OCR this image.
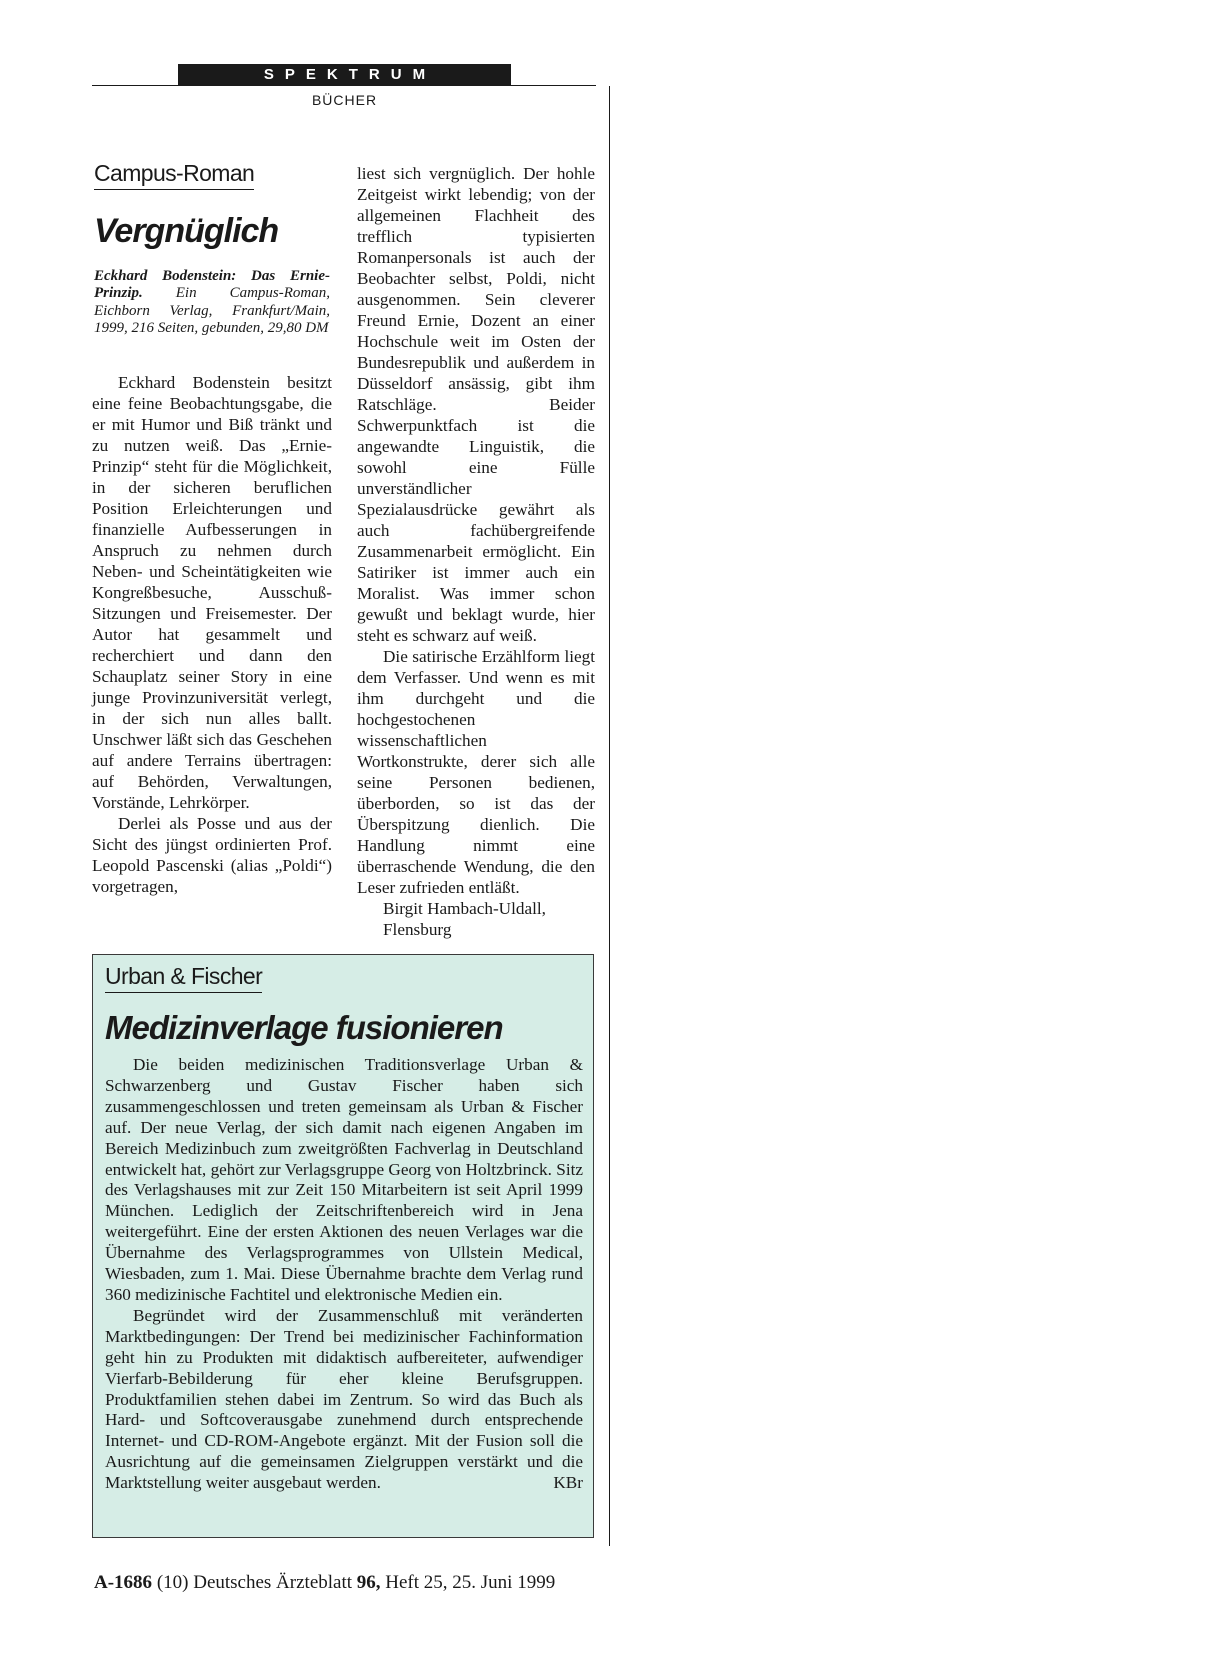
SPEKTRUM
BÜCHER
Campus-Roman
Vergnüglich
Eckhard Bodenstein: Das Ernie-Prinzip. Ein Campus-Roman, Eichborn Verlag, Frankfurt/Main, 1999, 216 Seiten, gebunden, 29,80 DM

Eckhard Bodenstein besitzt eine feine Beobachtungsgabe, die er mit Humor und Biß tränkt und zu nutzen weiß. Das „Ernie-Prinzip“ steht für die Möglichkeit, in der sicheren beruflichen Position Erleichterungen und finanzielle Aufbesserungen in Anspruch zu nehmen durch Neben- und Scheintätigkeiten wie Kongreßbesuche, Ausschuß-Sitzungen und Freisemester. Der Autor hat gesammelt und recherchiert und dann den Schauplatz seiner Story in eine junge Provinzuniversität verlegt, in der sich nun alles ballt. Unschwer läßt sich das Geschehen auf andere Terrains übertragen: auf Behörden, Verwaltungen, Vorstände, Lehrkörper.

Derlei als Posse und aus der Sicht des jüngst ordinierten Prof. Leopold Pascenski (alias „Poldi“) vorgetragen,

liest sich vergnüglich. Der hohle Zeitgeist wirkt lebendig; von der allgemeinen Flachheit des trefflich typisierten Romanpersonals ist auch der Beobachter selbst, Poldi, nicht ausgenommen. Sein cleverer Freund Ernie, Dozent an einer Hochschule weit im Osten der Bundesrepublik und außerdem in Düsseldorf ansässig, gibt ihm Ratschläge. Beider Schwerpunktfach ist die angewandte Linguistik, die sowohl eine Fülle unverständlicher Spezialausdrücke gewährt als auch fachübergreifende Zusammenarbeit ermöglicht. Ein Satiriker ist immer auch ein Moralist. Was immer schon gewußt und beklagt wurde, hier steht es schwarz auf weiß.

Die satirische Erzählform liegt dem Verfasser. Und wenn es mit ihm durchgeht und die hochgestochenen wissenschaftlichen Wortkonstrukte, derer sich alle seine Personen bedienen, überborden, so ist das der Überspitzung dienlich. Die Handlung nimmt eine überraschende Wendung, die den Leser zufrieden entläßt.

Birgit Hambach-Uldall,
Flensburg
Urban & Fischer
Medizinverlage fusionieren

Die beiden medizinischen Traditionsverlage Urban & Schwarzenberg und Gustav Fischer haben sich zusammengeschlossen und treten gemeinsam als Urban & Fischer auf. Der neue Verlag, der sich damit nach eigenen Angaben im Bereich Medizinbuch zum zweitgrößten Fachverlag in Deutschland entwickelt hat, gehört zur Verlagsgruppe Georg von Holtzbrinck. Sitz des Verlagshauses mit zur Zeit 150 Mitarbeitern ist seit April 1999 München. Lediglich der Zeitschriftenbereich wird in Jena weitergeführt. Eine der ersten Aktionen des neuen Verlages war die Übernahme des Verlagsprogrammes von Ullstein Medical, Wiesbaden, zum 1. Mai. Diese Übernahme brachte dem Verlag rund 360 medizinische Fachtitel und elektronische Medien ein.

Begründet wird der Zusammenschluß mit veränderten Marktbedingungen: Der Trend bei medizinischer Fachinformation geht hin zu Produkten mit didaktisch aufbereiteter, aufwendiger Vierfarb-Bebilderung für eher kleine Berufsgruppen. Produktfamilien stehen dabei im Zentrum. So wird das Buch als Hard- und Softcoverausgabe zunehmend durch entsprechende Internet- und CD-ROM-Angebote ergänzt. Mit der Fusion soll die Ausrichtung auf die gemeinsamen Zielgruppen verstärkt und die Marktstellung weiter ausgebaut werden.	KBr

A-1686 (10) Deutsches Ärzteblatt 96, Heft 25, 25. Juni 1999
